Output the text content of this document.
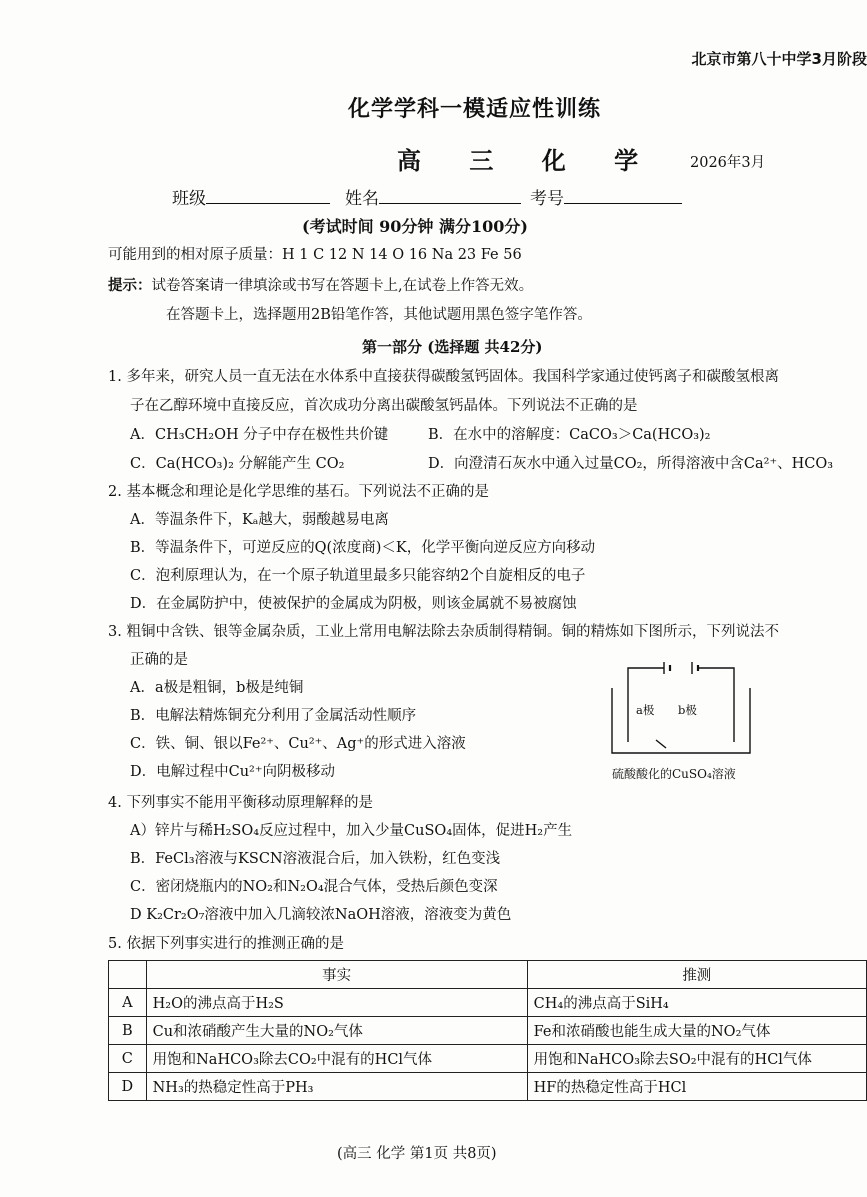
北京市第八十中学3月阶段
化学学科一模适应性训练
高 三 化 学 2026年3月
班级	姓名	考号
(考试时间 90分钟 满分100分)
可能用到的相对原子质量：H 1 C 12 N 14 O 16 Na 23 Fe 56
提示：试卷答案请一律填涂或书写在答题卡上,在试卷上作答无效。
在答题卡上，选择题用2B铅笔作答，其他试题用黑色签字笔作答。
第一部分 (选择题 共42分)
1. 多年来，研究人员一直无法在水体系中直接获得碳酸氢钙固体。我国科学家通过使钙离子和碳酸氢根离
子在乙醇环境中直接反应，首次成功分离出碳酸氢钙晶体。下列说法不正确的是
A．CH₃CH₂OH 分子中存在极性共价键	B．在水中的溶解度：CaCO₃＞Ca(HCO₃)₂
C．Ca(HCO₃)₂ 分解能产生 CO₂	D．向澄清石灰水中通入过量CO₂，所得溶液中含Ca²⁺、HCO₃
2. 基本概念和理论是化学思维的基石。下列说法不正确的是
A．等温条件下，Kₐ越大，弱酸越易电离
B．等温条件下，可逆反应的Q(浓度商)＜K，化学平衡向逆反应方向移动
C．泡利原理认为，在一个原子轨道里最多只能容纳2个自旋相反的电子
D．在金属防护中，使被保护的金属成为阴极，则该金属就不易被腐蚀
3. 粗铜中含铁、银等金属杂质，工业上常用电解法除去杂质制得精铜。铜的精炼如下图所示，下列说法不
正确的是
A．a极是粗铜，b极是纯铜
B．电解法精炼铜充分利用了金属活动性顺序
C．铁、铜、银以Fe²⁺、Cu²⁺、Ag⁺的形式进入溶液
D．电解过程中Cu²⁺向阴极移动
a极 b极
硫酸酸化的CuSO₄溶液
4. 下列事实不能用平衡移动原理解释的是
A）锌片与稀H₂SO₄反应过程中，加入少量CuSO₄固体，促进H₂产生
B．FeCl₃溶液与KSCN溶液混合后，加入铁粉，红色变浅
C．密闭烧瓶内的NO₂和N₂O₄混合气体，受热后颜色变深
D K₂Cr₂O₇溶液中加入几滴较浓NaOH溶液，溶液变为黄色
5. 依据下列事实进行的推测正确的是
	事实	推测
A	H₂O的沸点高于H₂S	CH₄的沸点高于SiH₄
B	Cu和浓硝酸产生大量的NO₂气体	Fe和浓硝酸也能生成大量的NO₂气体
C	用饱和NaHCO₃除去CO₂中混有的HCl气体	用饱和NaHCO₃除去SO₂中混有的HCl气体
D	NH₃的热稳定性高于PH₃	HF的热稳定性高于HCl
(高三 化学 第1页 共8页)
